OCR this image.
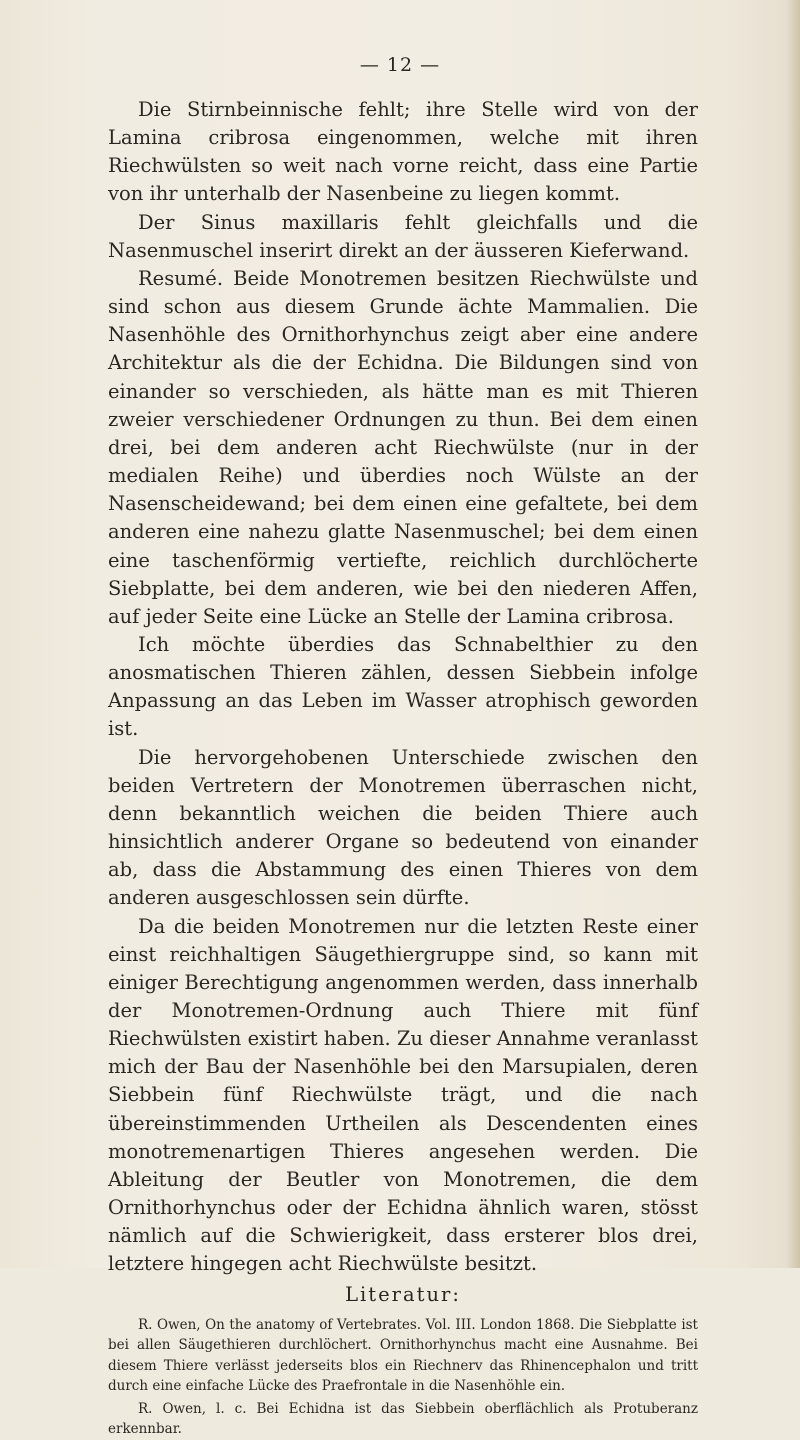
— 12 —

Die Stirnbeinnische fehlt; ihre Stelle wird von der Lamina cribrosa eingenommen, welche mit ihren Riechwülsten so weit nach vorne reicht, dass eine Partie von ihr unterhalb der Nasenbeine zu liegen kommt.

Der Sinus maxillaris fehlt gleichfalls und die Nasenmuschel inserirt direkt an der äusseren Kieferwand.

Resumé. Beide Monotremen besitzen Riechwülste und sind schon aus diesem Grunde ächte Mammalien. Die Nasenhöhle des Ornithorhynchus zeigt aber eine andere Architektur als die der Echidna. Die Bildungen sind von einander so verschieden, als hätte man es mit Thieren zweier verschiedener Ordnungen zu thun. Bei dem einen drei, bei dem anderen acht Riechwülste (nur in der medialen Reihe) und überdies noch Wülste an der Nasenscheidewand; bei dem einen eine gefaltete, bei dem anderen eine nahezu glatte Nasenmuschel; bei dem einen eine taschenförmig vertiefte, reichlich durchlöcherte Siebplatte, bei dem anderen, wie bei den niederen Affen, auf jeder Seite eine Lücke an Stelle der Lamina cribrosa.

Ich möchte überdies das Schnabelthier zu den anosmatischen Thieren zählen, dessen Siebbein infolge Anpassung an das Leben im Wasser atrophisch geworden ist.

Die hervorgehobenen Unterschiede zwischen den beiden Vertretern der Monotremen überraschen nicht, denn bekanntlich weichen die beiden Thiere auch hinsichtlich anderer Organe so bedeutend von einander ab, dass die Abstammung des einen Thieres von dem anderen ausgeschlossen sein dürfte.

Da die beiden Monotremen nur die letzten Reste einer einst reichhaltigen Säugethiergruppe sind, so kann mit einiger Berechtigung angenommen werden, dass innerhalb der Monotremen-Ordnung auch Thiere mit fünf Riechwülsten existirt haben. Zu dieser Annahme veranlasst mich der Bau der Nasenhöhle bei den Marsupialen, deren Siebbein fünf Riechwülste trägt, und die nach übereinstimmenden Urtheilen als Descendenten eines monotremenartigen Thieres angesehen werden. Die Ableitung der Beutler von Monotremen, die dem Ornithorhynchus oder der Echidna ähnlich waren, stösst nämlich auf die Schwierigkeit, dass ersterer blos drei, letztere hingegen acht Riechwülste besitzt.

Literatur:

R. Owen, On the anatomy of Vertebrates. Vol. III. London 1868. Die Siebplatte ist bei allen Säugethieren durchlöchert. Ornithorhynchus macht eine Ausnahme. Bei diesem Thiere verlässt jederseits blos ein Riechnerv das Rhinencephalon und tritt durch eine einfache Lücke des Praefrontale in die Nasenhöhle ein.

R. Owen, l. c. Bei Echidna ist das Siebbein oberflächlich als Protuberanz erkennbar.
